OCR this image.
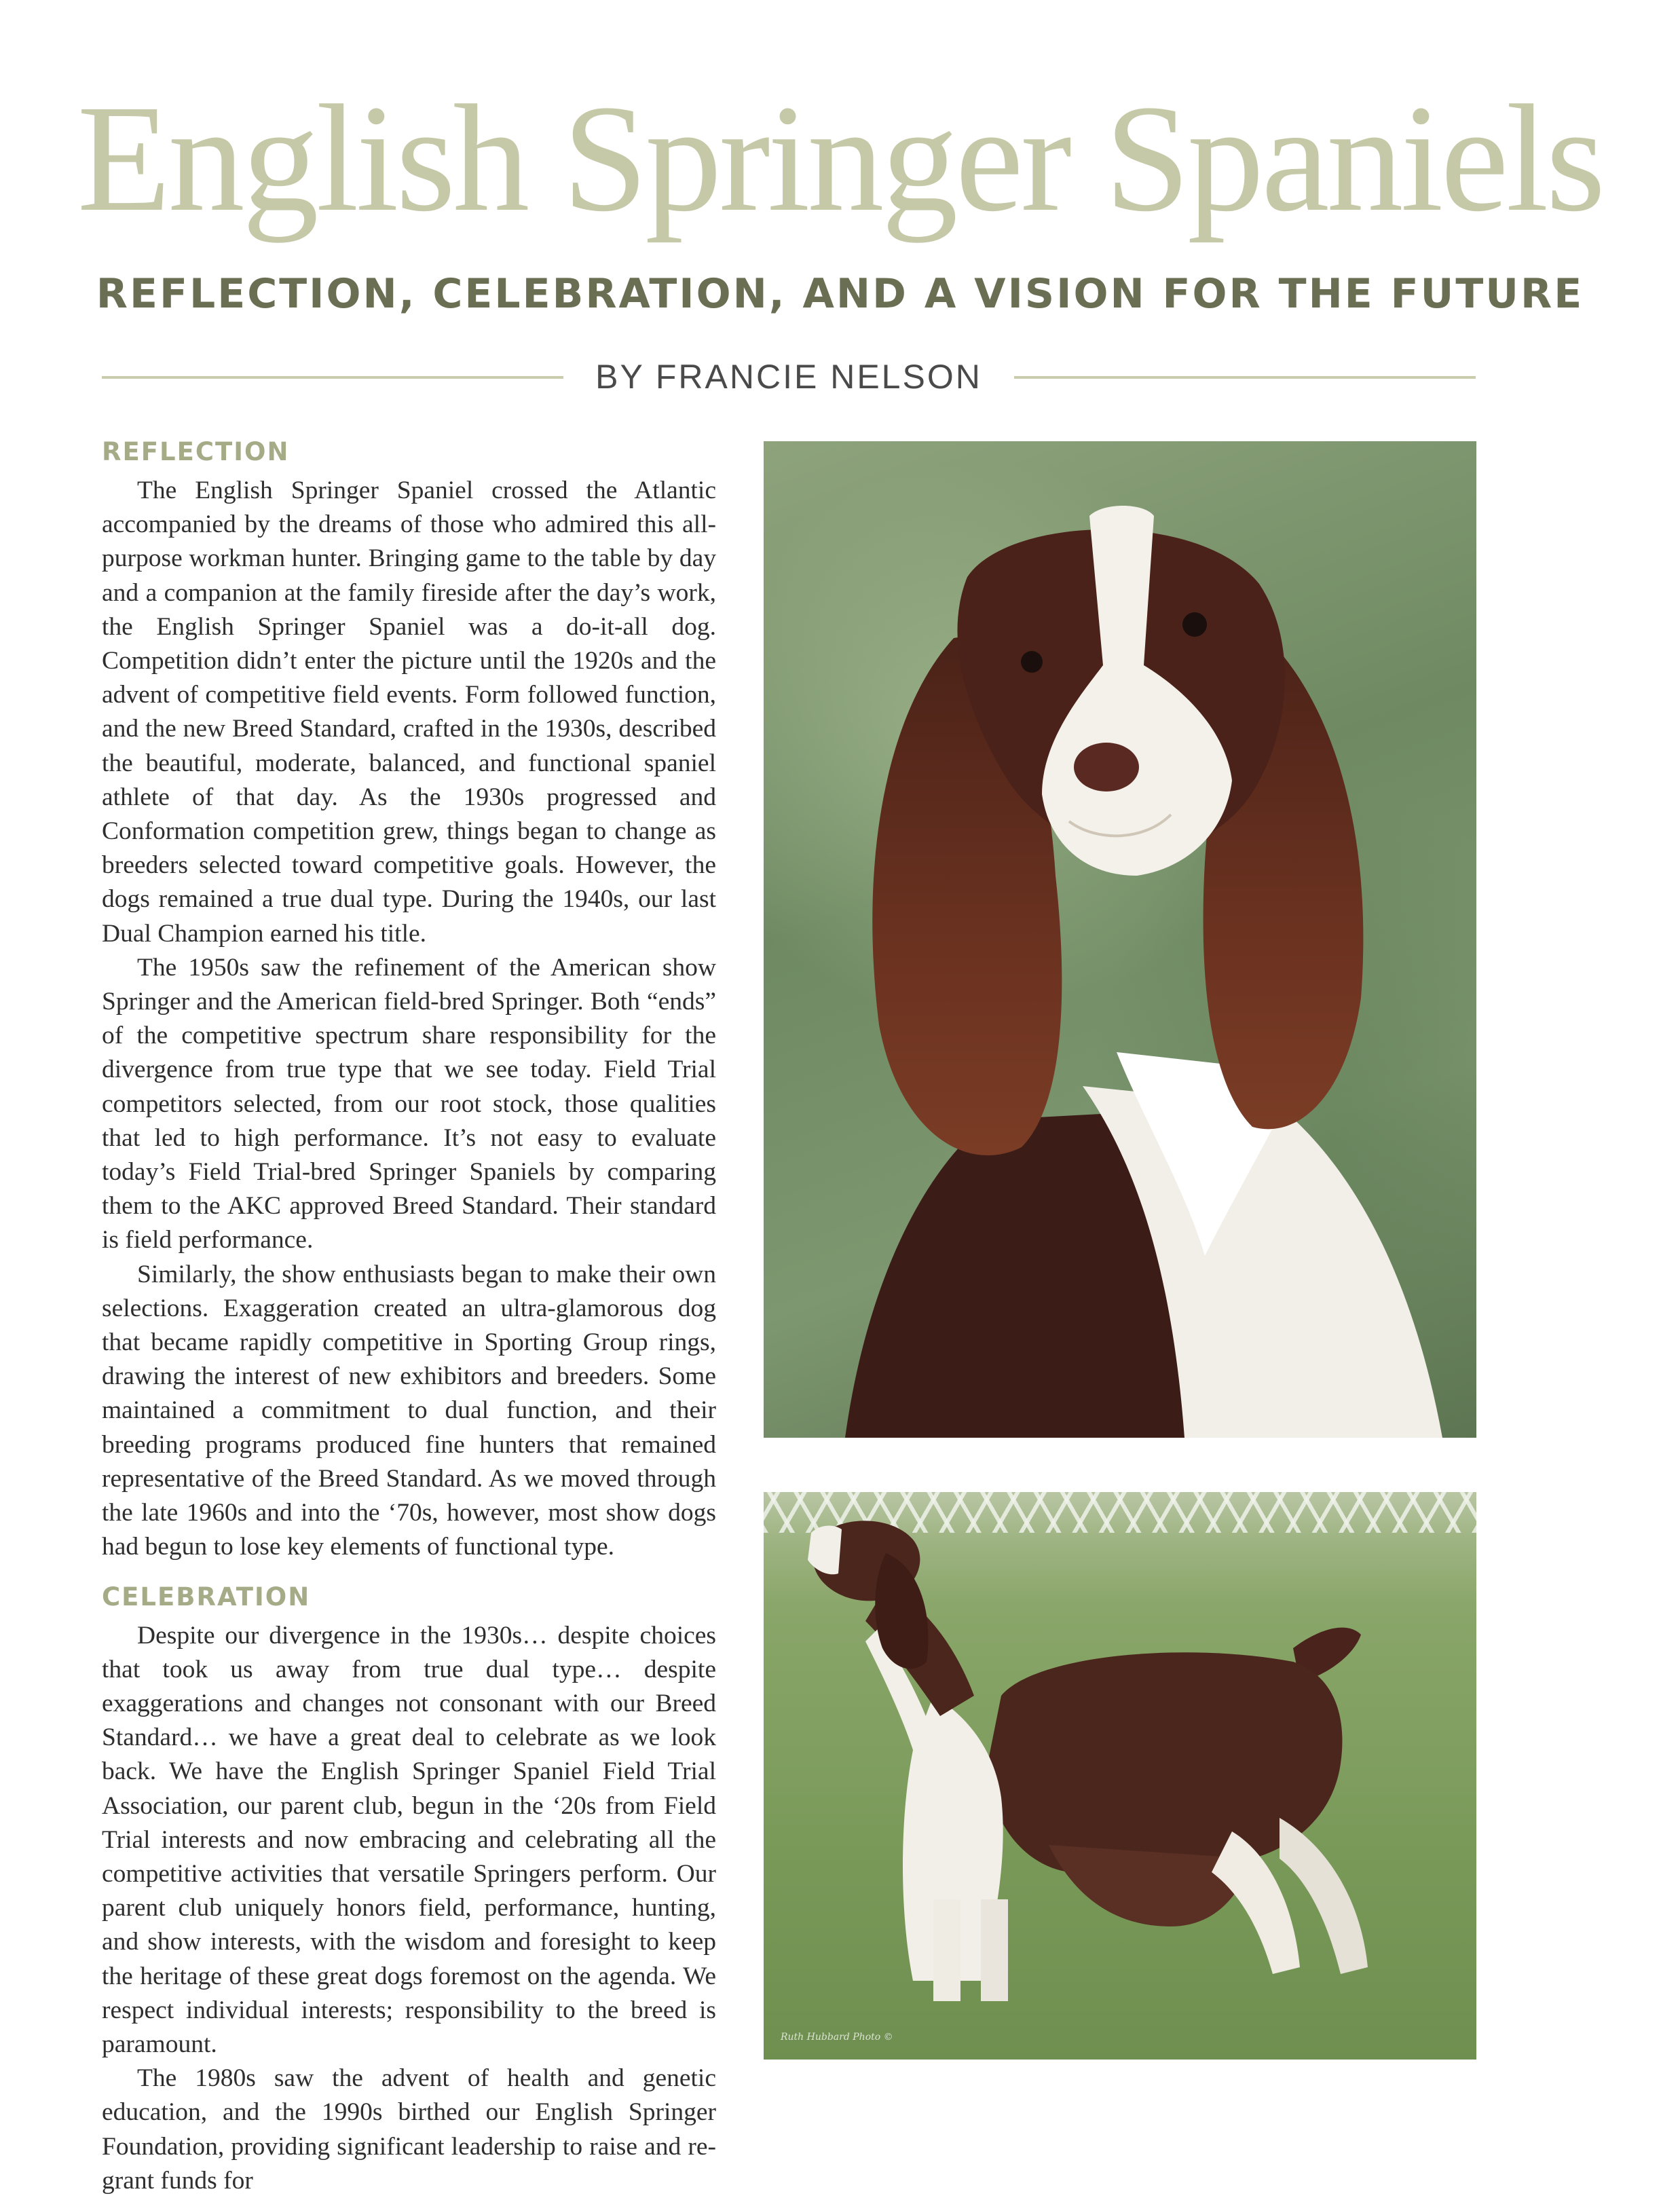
English Springer Spaniels
REFLECTION, CELEBRATION, AND A VISION FOR THE FUTURE
BY FRANCIE NELSON
REFLECTION

The English Springer Spaniel crossed the Atlantic accompanied by the dreams of those who admired this all-purpose workman hunter. Bringing game to the table by day and a companion at the family fireside after the day’s work, the English Springer Spaniel was a do-it-all dog. Competition didn’t enter the picture until the 1920s and the advent of competitive field events. Form followed function, and the new Breed Standard, crafted in the 1930s, described the beautiful, moderate, balanced, and functional spaniel athlete of that day. As the 1930s progressed and Conformation competition grew, things began to change as breeders selected toward competitive goals. However, the dogs remained a true dual type. During the 1940s, our last Dual Champion earned his title.

The 1950s saw the refinement of the American show Springer and the American field-bred Springer. Both “ends” of the competitive spectrum share responsibility for the divergence from true type that we see today. Field Trial competitors selected, from our root stock, those qualities that led to high performance. It’s not easy to evaluate today’s Field Trial-bred Springer Spaniels by comparing them to the AKC approved Breed Standard. Their standard is field performance.

Similarly, the show enthusiasts began to make their own selections. Exaggeration created an ultra-glamorous dog that became rapidly competitive in Sporting Group rings, drawing the interest of new exhibitors and breeders. Some maintained a commitment to dual function, and their breeding programs produced fine hunters that remained representative of the Breed Standard. As we moved through the late 1960s and into the ‘70s, however, most show dogs had begun to lose key elements of functional type.

CELEBRATION

Despite our divergence in the 1930s… despite choices that took us away from true dual type… despite exaggerations and changes not consonant with our Breed Standard… we have a great deal to celebrate as we look back. We have the English Springer Spaniel Field Trial Association, our parent club, begun in the ‘20s from Field Trial interests and now embracing and celebrating all the competitive activities that versatile Springers perform. Our parent club uniquely honors field, performance, hunting, and show interests, with the wisdom and foresight to keep the heritage of these great dogs foremost on the agenda. We respect individual interests; responsibility to the breed is paramount.

The 1980s saw the advent of health and genetic education, and the 1990s birthed our English Springer Foundation, providing significant leadership to raise and re-grant funds for

Ruth Hubbard Photo ©
